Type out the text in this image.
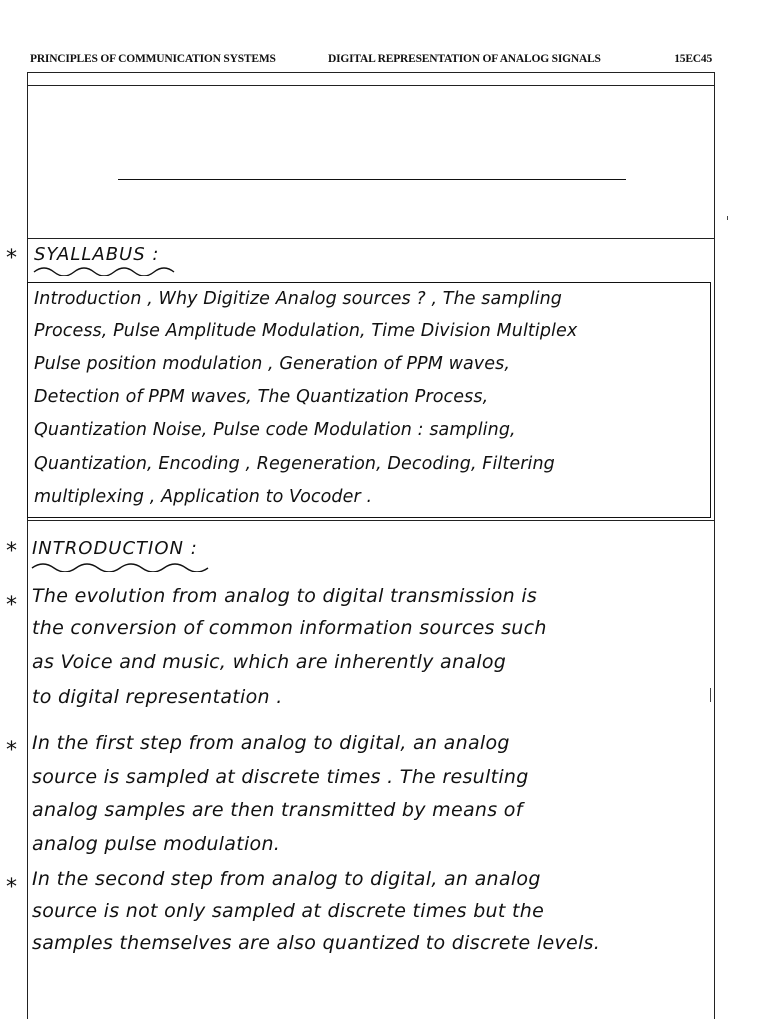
PRINCIPLES OF COMMUNICATION SYSTEMS	DIGITAL REPRESENTATION OF ANALOG SIGNALS	15EC45
* SYALLABUS :
Introduction , Why Digitize Analog sources ? , The sampling
Process, Pulse Amplitude Modulation, Time Division Multiplex
Pulse position modulation , Generation of PPM waves,
Detection of PPM waves, The Quantization Process,
Quantization Noise, Pulse code Modulation : sampling,
Quantization, Encoding , Regeneration, Decoding, Filtering
multiplexing , Application to Vocoder .
* INTRODUCTION :
* The evolution from analog to digital transmission is
the conversion of common information sources such
as Voice and music, which are inherently analog
to digital representation .
* In the first step from analog to digital, an analog
source is sampled at discrete times . The resulting
analog samples are then transmitted by means of
analog pulse modulation.
* In the second step from analog to digital, an analog
source is not only sampled at discrete times but the
samples themselves are also quantized to discrete levels.
